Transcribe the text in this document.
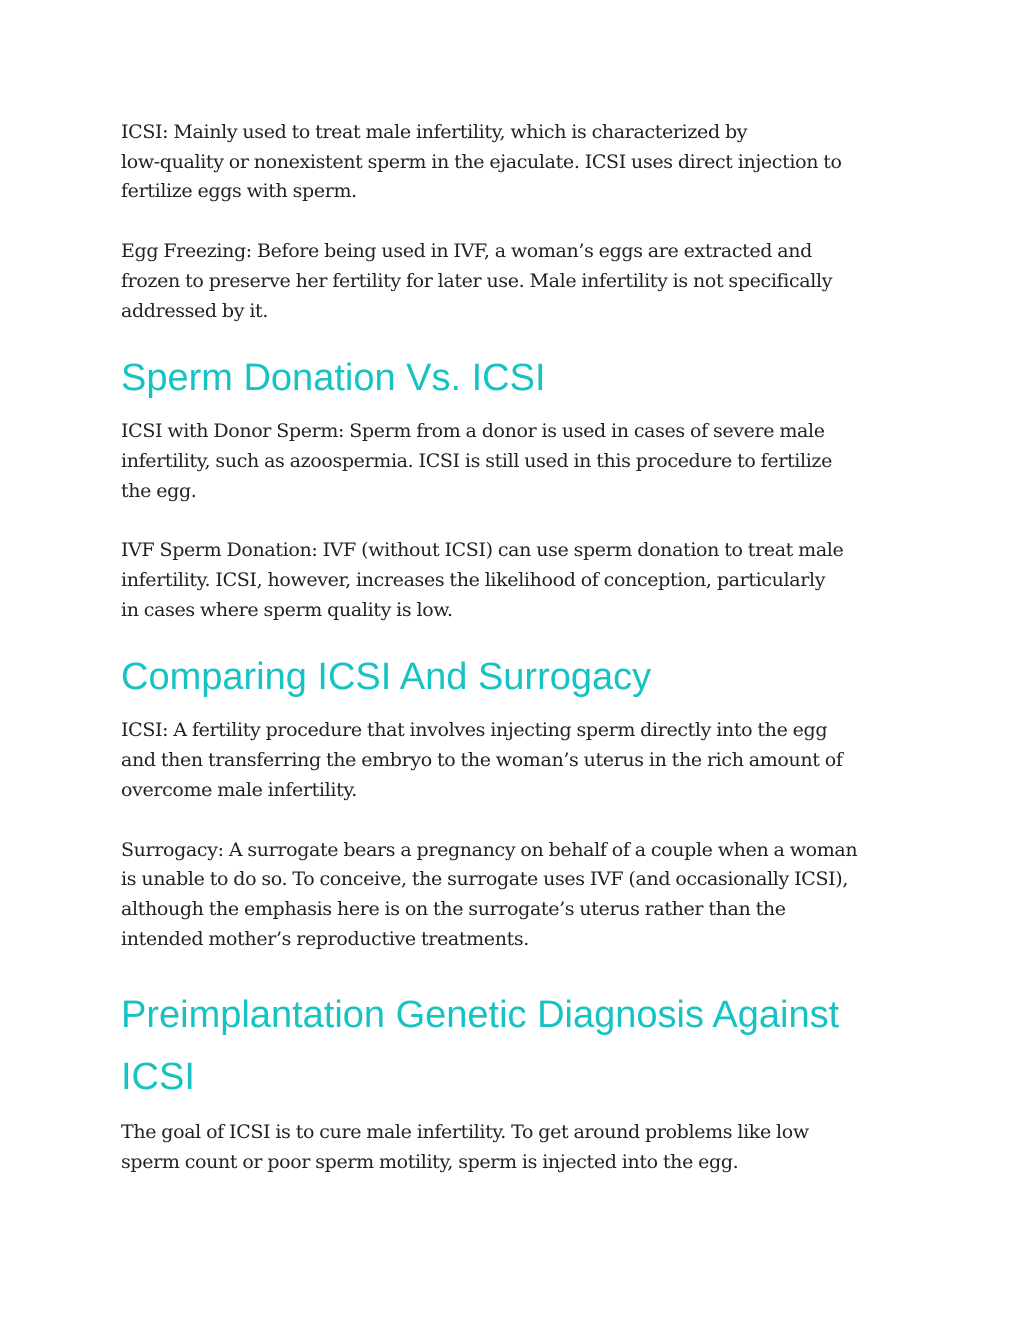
ICSI: Mainly used to treat male infertility, which is characterized by
low-quality or nonexistent sperm in the ejaculate. ICSI uses direct injection to
fertilize eggs with sperm.

Egg Freezing: Before being used in IVF, a woman’s eggs are extracted and
frozen to preserve her fertility for later use. Male infertility is not specifically
addressed by it.

Sperm Donation Vs. ICSI

ICSI with Donor Sperm: Sperm from a donor is used in cases of severe male
infertility, such as azoospermia. ICSI is still used in this procedure to fertilize
the egg.

IVF Sperm Donation: IVF (without ICSI) can use sperm donation to treat male
infertility. ICSI, however, increases the likelihood of conception, particularly
in cases where sperm quality is low.

Comparing ICSI And Surrogacy

ICSI: A fertility procedure that involves injecting sperm directly into the egg
and then transferring the embryo to the woman’s uterus in the rich amount of
overcome male infertility.

Surrogacy: A surrogate bears a pregnancy on behalf of a couple when a woman
is unable to do so. To conceive, the surrogate uses IVF (and occasionally ICSI),
although the emphasis here is on the surrogate’s uterus rather than the
intended mother’s reproductive treatments.

Preimplantation Genetic Diagnosis Against
ICSI

The goal of ICSI is to cure male infertility. To get around problems like low
sperm count or poor sperm motility, sperm is injected into the egg.
